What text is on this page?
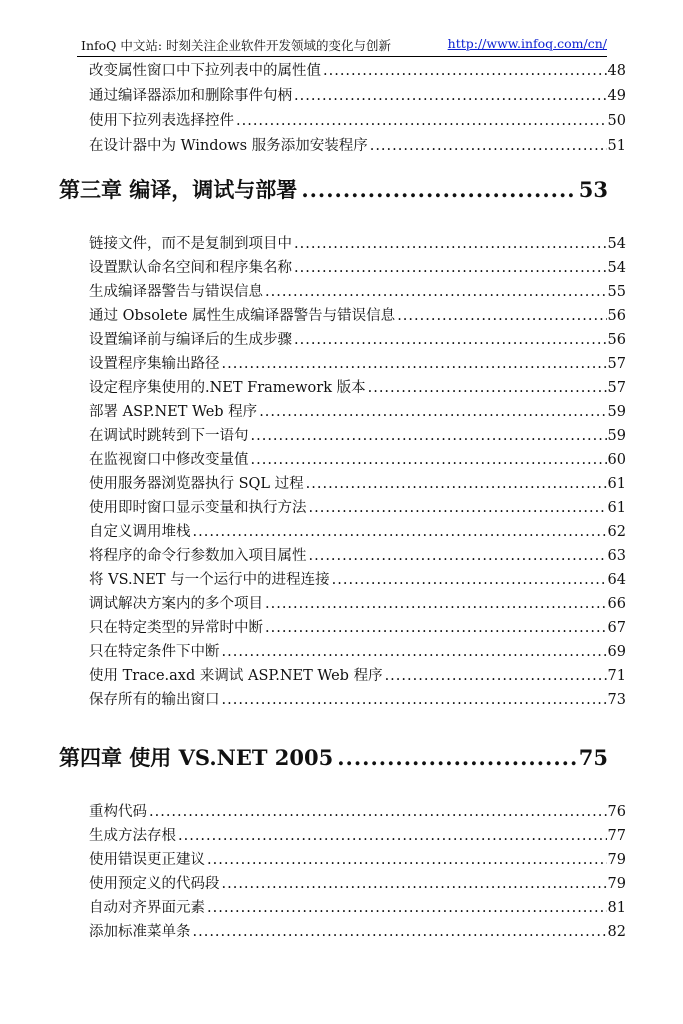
InfoQ 中文站: 时刻关注企业软件开发领域的变化与创新	http://www.infoq.com/cn/
改变属性窗口中下拉列表中的属性值 .....	48
通过编译器添加和删除事件句柄 .....	49
使用下拉列表选择控件 .....	50
在设计器中为 Windows 服务添加安装程序 .....	51
第三章 编译，调试与部署 .....	53
链接文件，而不是复制到项目中 .....	54
设置默认命名空间和程序集名称 .....	54
生成编译器警告与错误信息 .....	55
通过 Obsolete 属性生成编译器警告与错误信息 .....	56
设置编译前与编译后的生成步骤 .....	56
设置程序集输出路径 .....	57
设定程序集使用的.NET Framework 版本 .....	57
部署 ASP.NET Web 程序 .....	59
在调试时跳转到下一语句 .....	59
在监视窗口中修改变量值 .....	60
使用服务器浏览器执行 SQL 过程 .....	61
使用即时窗口显示变量和执行方法 .....	61
自定义调用堆栈 .....	62
将程序的命令行参数加入项目属性 .....	63
将 VS.NET 与一个运行中的进程连接 .....	64
调试解决方案内的多个项目 .....	66
只在特定类型的异常时中断 .....	67
只在特定条件下中断 .....	69
使用 Trace.axd 来调试 ASP.NET Web 程序 .....	71
保存所有的输出窗口 .....	73
第四章 使用 VS.NET 2005 .....	75
重构代码 .....	76
生成方法存根 .....	77
使用错误更正建议 .....	79
使用预定义的代码段 .....	79
自动对齐界面元素 .....	81
添加标准菜单条 .....	82
